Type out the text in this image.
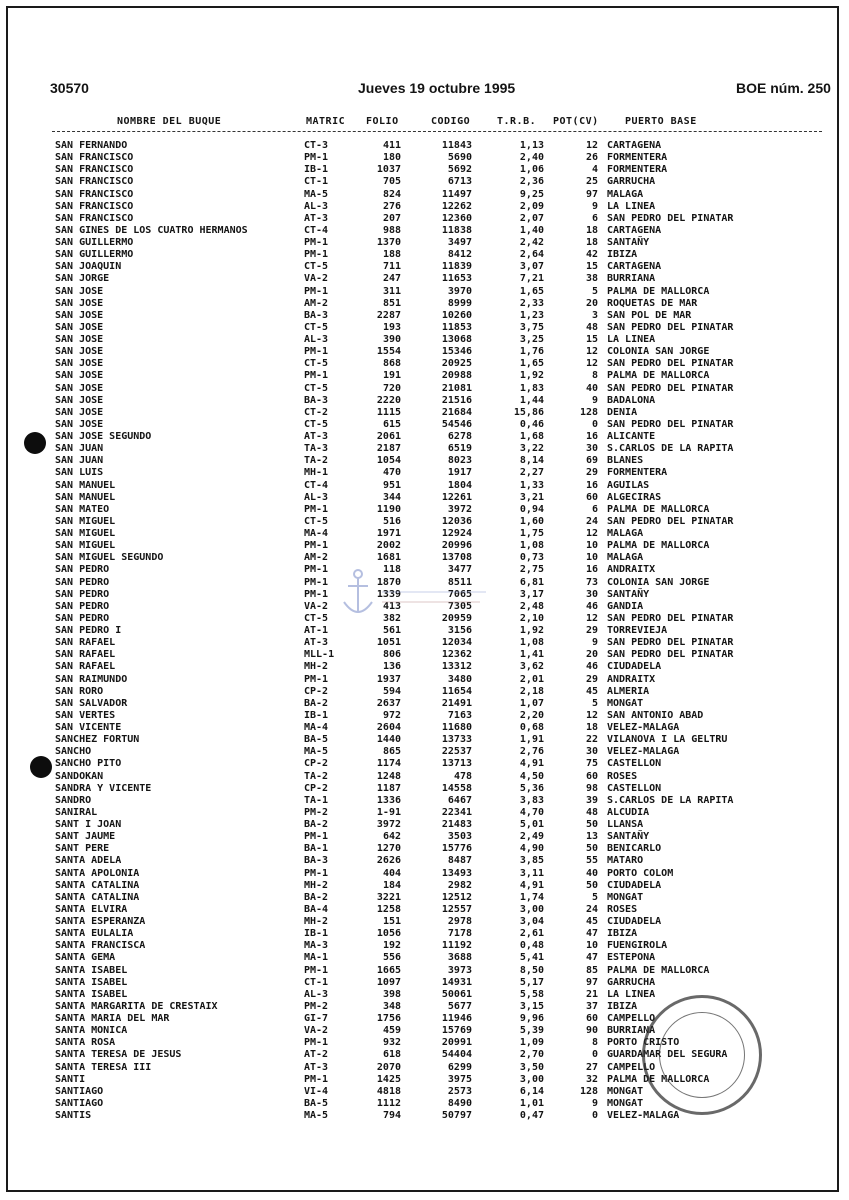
30570	Jueves 19 octubre 1995	BOE núm. 250
NOMBRE DEL BUQUE	MATRIC FOLIO	CODIGO	T.R.B. POT(CV)	PUERTO BASE
SAN FERNANDO	CT-3	411	11843	1,13	12 CARTAGENA
SAN FRANCISCO	PM-1	180	5690	2,40	26 FORMENTERA
SAN FRANCISCO	IB-1	1037	5692	1,06	4 FORMENTERA
SAN FRANCISCO	CT-1	705	6713	2,36	25 GARRUCHA
SAN FRANCISCO	MA-5	824	11497	9,25	97 MALAGA
SAN FRANCISCO	AL-3	276	12262	2,09	9 LA LINEA
SAN FRANCISCO	AT-3	207	12360	2,07	6 SAN PEDRO DEL PINATAR
SAN GINES DE LOS CUATRO HERMANOS	CT-4	988	11838	1,40	18 CARTAGENA
SAN GUILLERMO	PM-1	1370	3497	2,42	18 SANTAÑY
SAN GUILLERMO	PM-1	188	8412	2,64	42 IBIZA
SAN JOAQUIN	CT-5	711	11839	3,07	15 CARTAGENA
SAN JORGE	VA-2	247	11653	7,21	38 BURRIANA
SAN JOSE	PM-1	311	3970	1,65	5 PALMA DE MALLORCA
SAN JOSE	AM-2	851	8999	2,33	20 ROQUETAS DE MAR
SAN JOSE	BA-3	2287	10260	1,23	3 SAN POL DE MAR
SAN JOSE	CT-5	193	11853	3,75	48 SAN PEDRO DEL PINATAR
SAN JOSE	AL-3	390	13068	3,25	15 LA LINEA
SAN JOSE	PM-1	1554	15346	1,76	12 COLONIA SAN JORGE
SAN JOSE	CT-5	868	20925	1,65	12 SAN PEDRO DEL PINATAR
SAN JOSE	PM-1	191	20988	1,92	8 PALMA DE MALLORCA
SAN JOSE	CT-5	720	21081	1,83	40 SAN PEDRO DEL PINATAR
SAN JOSE	BA-3	2220	21516	1,44	9 BADALONA
SAN JOSE	CT-2	1115	21684	15,86	128 DENIA
SAN JOSE	CT-5	615	54546	0,46	0 SAN PEDRO DEL PINATAR
SAN JOSE SEGUNDO	AT-3	2061	6278	1,68	16 ALICANTE
SAN JUAN	TA-3	2187	6519	3,22	30 S.CARLOS DE LA RAPITA
SAN JUAN	TA-2	1054	8023	8,14	69 BLANES
SAN LUIS	MH-1	470	1917	2,27	29 FORMENTERA
SAN MANUEL	CT-4	951	1804	1,33	16 AGUILAS
SAN MANUEL	AL-3	344	12261	3,21	60 ALGECIRAS
SAN MATEO	PM-1	1190	3972	0,94	6 PALMA DE MALLORCA
SAN MIGUEL	CT-5	516	12036	1,60	24 SAN PEDRO DEL PINATAR
SAN MIGUEL	MA-4	1971	12924	1,75	12 MALAGA
SAN MIGUEL	PM-1	2002	20996	1,08	10 PALMA DE MALLORCA
SAN MIGUEL SEGUNDO	AM-2	1681	13708	0,73	10 MALAGA
SAN PEDRO	PM-1	118	3477	2,75	16 ANDRAITX
SAN PEDRO	PM-1	1870	8511	6,81	73 COLONIA SAN JORGE
SAN PEDRO	PM-1	1339	7065	3,17	30 SANTAÑY
SAN PEDRO	VA-2	413	7305	2,48	46 GANDIA
SAN PEDRO	CT-5	382	20959	2,10	12 SAN PEDRO DEL PINATAR
SAN PEDRO I	AT-1	561	3156	1,92	29 TORREVIEJA
SAN RAFAEL	AT-3	1051	12034	1,08	9 SAN PEDRO DEL PINATAR
SAN RAFAEL	MLL-1	806	12362	1,41	20 SAN PEDRO DEL PINATAR
SAN RAFAEL	MH-2	136	13312	3,62	46 CIUDADELA
SAN RAIMUNDO	PM-1	1937	3480	2,01	29 ANDRAITX
SAN RORO	CP-2	594	11654	2,18	45 ALMERIA
SAN SALVADOR	BA-2	2637	21491	1,07	5 MONGAT
SAN VERTES	IB-1	972	7163	2,20	12 SAN ANTONIO ABAD
SAN VICENTE	MA-4	2604	11680	0,68	18 VELEZ-MALAGA
SANCHEZ FORTUN	BA-5	1440	13733	1,91	22 VILANOVA I LA GELTRU
SANCHO	MA-5	865	22537	2,76	30 VELEZ-MALAGA
SANCHO PITO	CP-2	1174	13713	4,91	75 CASTELLON
SANDOKAN	TA-2	1248	478	4,50	60 ROSES
SANDRA Y VICENTE	CP-2	1187	14558	5,36	98 CASTELLON
SANDRO	TA-1	1336	6467	3,83	39 S.CARLOS DE LA RAPITA
SANIRAL	PM-2	1-91	22341	4,70	48 ALCUDIA
SANT I JOAN	BA-2	3972	21483	5,01	50 LLANSA
SANT JAUME	PM-1	642	3503	2,49	13 SANTAÑY
SANT PERE	BA-1	1270	15776	4,90	50 BENICARLO
SANTA ADELA	BA-3	2626	8487	3,85	55 MATARO
SANTA APOLONIA	PM-1	404	13493	3,11	40 PORTO COLOM
SANTA CATALINA	MH-2	184	2982	4,91	50 CIUDADELA
SANTA CATALINA	BA-2	3221	12512	1,74	5 MONGAT
SANTA ELVIRA	BA-4	1258	12557	3,00	24 ROSES
SANTA ESPERANZA	MH-2	151	2978	3,04	45 CIUDADELA
SANTA EULALIA	IB-1	1056	7178	2,61	47 IBIZA
SANTA FRANCISCA	MA-3	192	11192	0,48	10 FUENGIROLA
SANTA GEMA	MA-1	556	3688	5,41	47 ESTEPONA
SANTA ISABEL	PM-1	1665	3973	8,50	85 PALMA DE MALLORCA
SANTA ISABEL	CT-1	1097	14931	5,17	97 GARRUCHA
SANTA ISABEL	AL-3	398	50061	5,58	21 LA LINEA
SANTA MARGARITA DE CRESTAIX	PM-2	348	5677	3,15	37 IBIZA
SANTA MARIA DEL MAR	GI-7	1756	11946	9,96	60 CAMPELLO
SANTA MONICA	VA-2	459	15769	5,39	90 BURRIANA
SANTA ROSA	PM-1	932	20991	1,09	8 PORTO CRISTO
SANTA TERESA DE JESUS	AT-2	618	54404	2,70	0 GUARDAMAR DEL SEGURA
SANTA TERESA III	AT-3	2070	6299	3,50	27 CAMPELLO
SANTI	PM-1	1425	3975	3,00	32 PALMA DE MALLORCA
SANTIAGO	VI-4	4818	2573	6,14	128 MONGAT
SANTIAGO	BA-5	1112	8490	1,01	9 MONGAT
SANTIS	MA-5	794	50797	0,47	0 VELEZ-MALAGA
